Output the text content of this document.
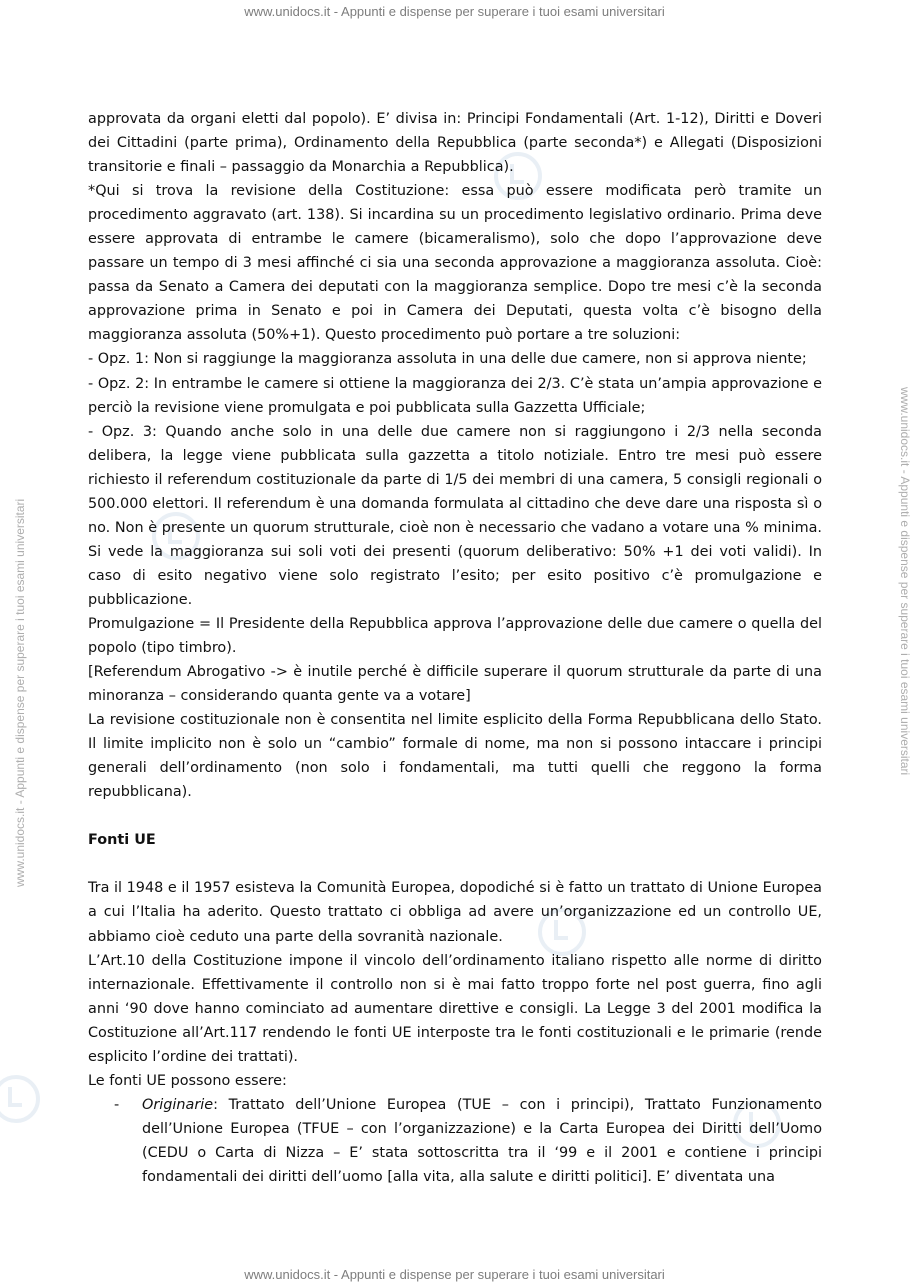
www.unidocs.it - Appunti e dispense per superare i tuoi esami universitari
www.unidocs.it - Appunti e dispense per superare i tuoi esami universitari	www.unidocs.it - Appunti e dispense per superare i tuoi esami universitari

approvata da organi eletti dal popolo). E’ divisa in: Principi Fondamentali (Art. 1-12), Diritti e Doveri dei Cittadini (parte prima), Ordinamento della Repubblica (parte seconda*) e Allegati (Disposizioni transitorie e finali – passaggio da Monarchia a Repubblica).

*Qui si trova la revisione della Costituzione: essa può essere modificata però tramite un procedimento aggravato (art. 138). Si incardina su un procedimento legislativo ordinario. Prima deve essere approvata di entrambe le camere (bicameralismo), solo che dopo l’approvazione deve passare un tempo di 3 mesi affinché ci sia una seconda approvazione a maggioranza assoluta. Cioè: passa da Senato a Camera dei deputati con la maggioranza semplice. Dopo tre mesi c’è la seconda approvazione prima in Senato e poi in Camera dei Deputati, questa volta c’è bisogno della maggioranza assoluta (50%+1). Questo procedimento può portare a tre soluzioni:

- Opz. 1: Non si raggiunge la maggioranza assoluta in una delle due camere, non si approva niente;

- Opz. 2: In entrambe le camere si ottiene la maggioranza dei 2/3. C’è stata un’ampia approvazione e perciò la revisione viene promulgata e poi pubblicata sulla Gazzetta Ufficiale;

- Opz. 3: Quando anche solo in una delle due camere non si raggiungono i 2/3 nella seconda delibera, la legge viene pubblicata sulla gazzetta a titolo notiziale. Entro tre mesi può essere richiesto il referendum costituzionale da parte di 1/5 dei membri di una camera, 5 consigli regionali o 500.000 elettori. Il referendum è una domanda formulata al cittadino che deve dare una risposta sì o no. Non è presente un quorum strutturale, cioè non è necessario che vadano a votare una % minima. Si vede la maggioranza sui soli voti dei presenti (quorum deliberativo: 50% +1 dei voti validi). In caso di esito negativo viene solo registrato l’esito; per esito positivo c’è promulgazione e pubblicazione.

Promulgazione = Il Presidente della Repubblica approva l’approvazione delle due camere o quella del popolo (tipo timbro).

[Referendum Abrogativo -> è inutile perché è difficile superare il quorum strutturale da parte di una minoranza – considerando quanta gente va a votare]

La revisione costituzionale non è consentita nel limite esplicito della Forma Repubblicana dello Stato. Il limite implicito non è solo un “cambio” formale di nome, ma non si possono intaccare i principi generali dell’ordinamento (non solo i fondamentali, ma tutti quelli che reggono la forma repubblicana).

Fonti UE

Tra il 1948 e il 1957 esisteva la Comunità Europea, dopodiché si è fatto un trattato di Unione Europea a cui l’Italia ha aderito. Questo trattato ci obbliga ad avere un’organizzazione ed un controllo UE, abbiamo cioè ceduto una parte della sovranità nazionale.

L’Art.10 della Costituzione impone il vincolo dell’ordinamento italiano rispetto alle norme di diritto internazionale. Effettivamente il controllo non si è mai fatto troppo forte nel post guerra, fino agli anni ‘90 dove hanno cominciato ad aumentare direttive e consigli. La Legge 3 del 2001 modifica la Costituzione all’Art.117 rendendo le fonti UE interposte tra le fonti costituzionali e le primarie (rende esplicito l’ordine dei trattati).

Le fonti UE possono essere:

- Originarie: Trattato dell’Unione Europea (TUE – con i principi), Trattato Funzionamento dell’Unione Europea (TFUE – con l’organizzazione) e la Carta Europea dei Diritti dell’Uomo (CEDU o Carta di Nizza – E’ stata sottoscritta tra il ‘99 e il 2001 e contiene i principi fondamentali dei diritti dell’uomo [alla vita, alla salute e diritti politici]. E’ diventata una
www.unidocs.it - Appunti e dispense per superare i tuoi esami universitari
